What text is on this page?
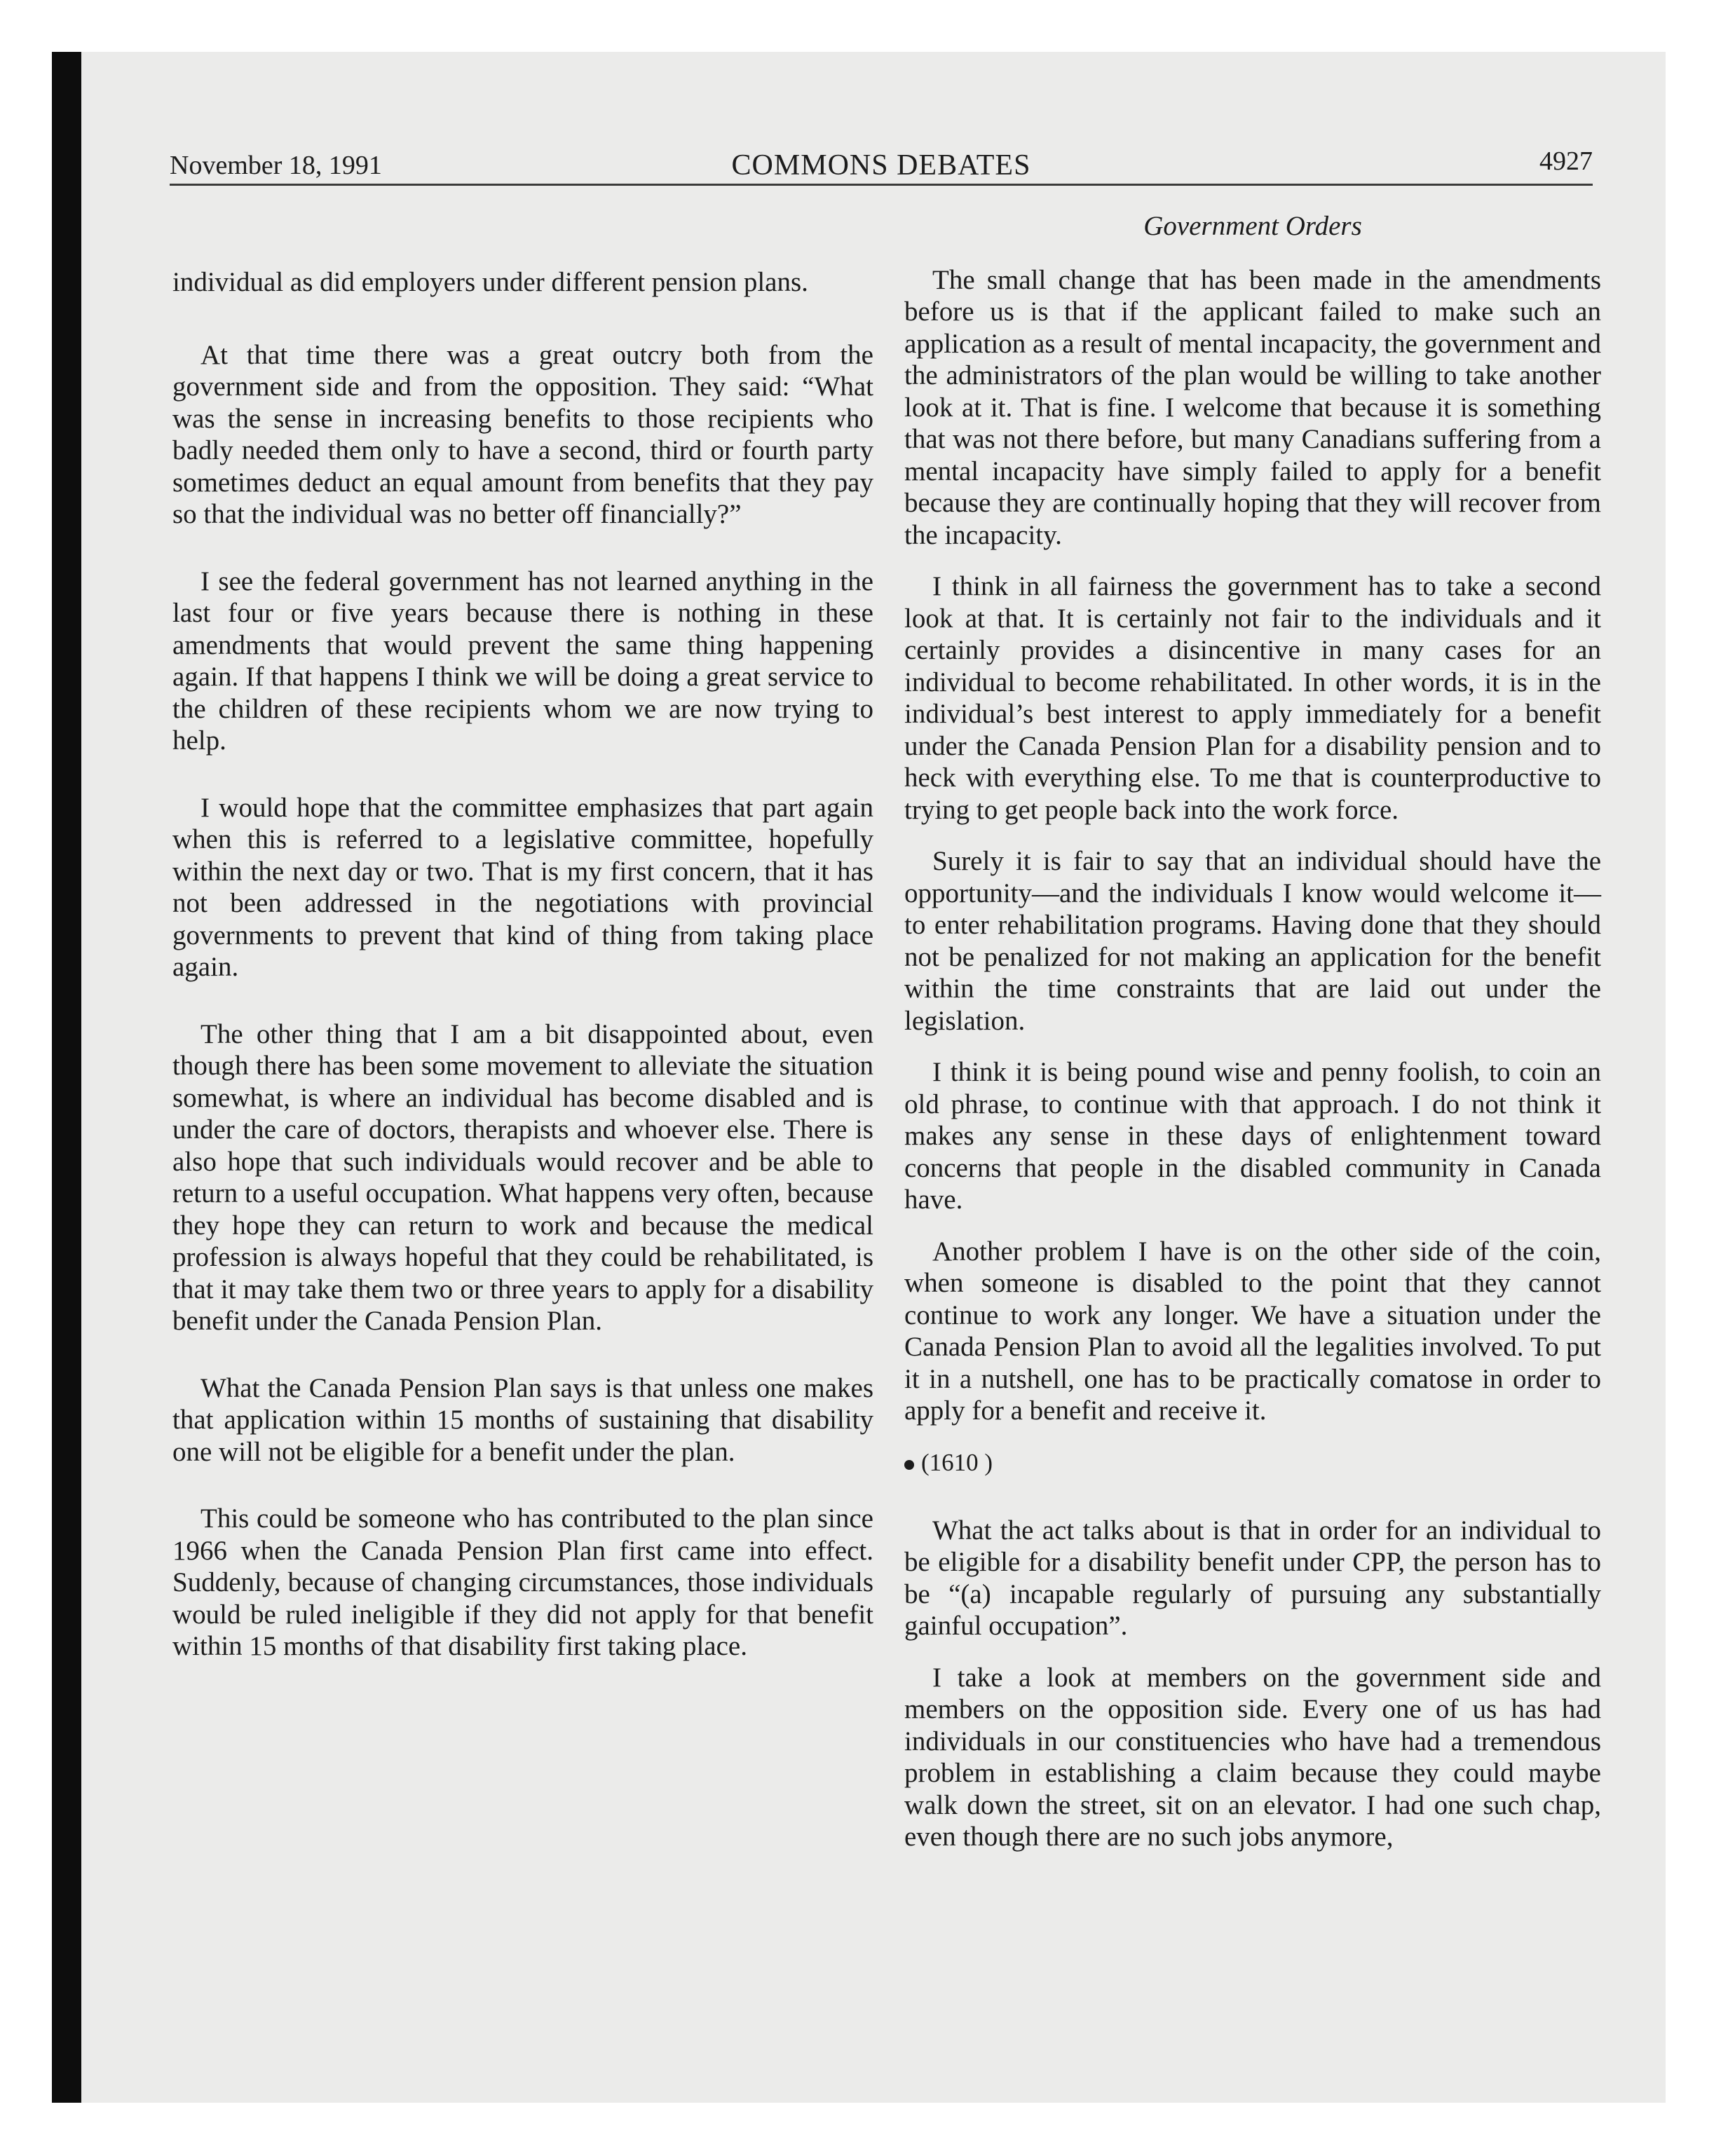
November 18, 1991	COMMONS DEBATES	4927

individual as did employers under different pension plans.

At that time there was a great outcry both from the government side and from the opposition. They said: “What was the sense in increasing benefits to those recipients who badly needed them only to have a second, third or fourth party sometimes deduct an equal amount from benefits that they pay so that the individual was no better off financially?”

I see the federal government has not learned anything in the last four or five years because there is nothing in these amendments that would prevent the same thing happening again. If that happens I think we will be doing a great service to the children of these recipients whom we are now trying to help.

I would hope that the committee emphasizes that part again when this is referred to a legislative committee, hopefully within the next day or two. That is my first concern, that it has not been addressed in the negotiations with provincial governments to prevent that kind of thing from taking place again.

The other thing that I am a bit disappointed about, even though there has been some movement to alleviate the situation somewhat, is where an individual has become disabled and is under the care of doctors, therapists and whoever else. There is also hope that such individuals would recover and be able to return to a useful occupation. What happens very often, because they hope they can return to work and because the medical profession is always hopeful that they could be rehabilitated, is that it may take them two or three years to apply for a disability benefit under the Canada Pension Plan.

What the Canada Pension Plan says is that unless one makes that application within 15 months of sustaining that disability one will not be eligible for a benefit under the plan.

This could be someone who has contributed to the plan since 1966 when the Canada Pension Plan first came into effect. Suddenly, because of changing circumstances, those individuals would be ruled ineligible if they did not apply for that benefit within 15 months of that disability first taking place.

Government Orders

The small change that has been made in the amendments before us is that if the applicant failed to make such an application as a result of mental incapacity, the government and the administrators of the plan would be willing to take another look at it. That is fine. I welcome that because it is something that was not there before, but many Canadians suffering from a mental incapacity have simply failed to apply for a benefit because they are continually hoping that they will recover from the incapacity.

I think in all fairness the government has to take a second look at that. It is certainly not fair to the individuals and it certainly provides a disincentive in many cases for an individual to become rehabilitated. In other words, it is in the individual’s best interest to apply immediately for a benefit under the Canada Pension Plan for a disability pension and to heck with everything else. To me that is counterproductive to trying to get people back into the work force.

Surely it is fair to say that an individual should have the opportunity—and the individuals I know would welcome it—to enter rehabilitation programs. Having done that they should not be penalized for not making an application for the benefit within the time constraints that are laid out under the legislation.

I think it is being pound wise and penny foolish, to coin an old phrase, to continue with that approach. I do not think it makes any sense in these days of enlightenment toward concerns that people in the disabled community in Canada have.

Another problem I have is on the other side of the coin, when someone is disabled to the point that they cannot continue to work any longer. We have a situation under the Canada Pension Plan to avoid all the legalities involved. To put it in a nutshell, one has to be practically comatose in order to apply for a benefit and receive it.

(1610 )

What the act talks about is that in order for an individual to be eligible for a disability benefit under CPP, the person has to be “(a) incapable regularly of pursuing any substantially gainful occupation”.

I take a look at members on the government side and members on the opposition side. Every one of us has had individuals in our constituencies who have had a tremendous problem in establishing a claim because they could maybe walk down the street, sit on an elevator. I had one such chap, even though there are no such jobs anymore,
